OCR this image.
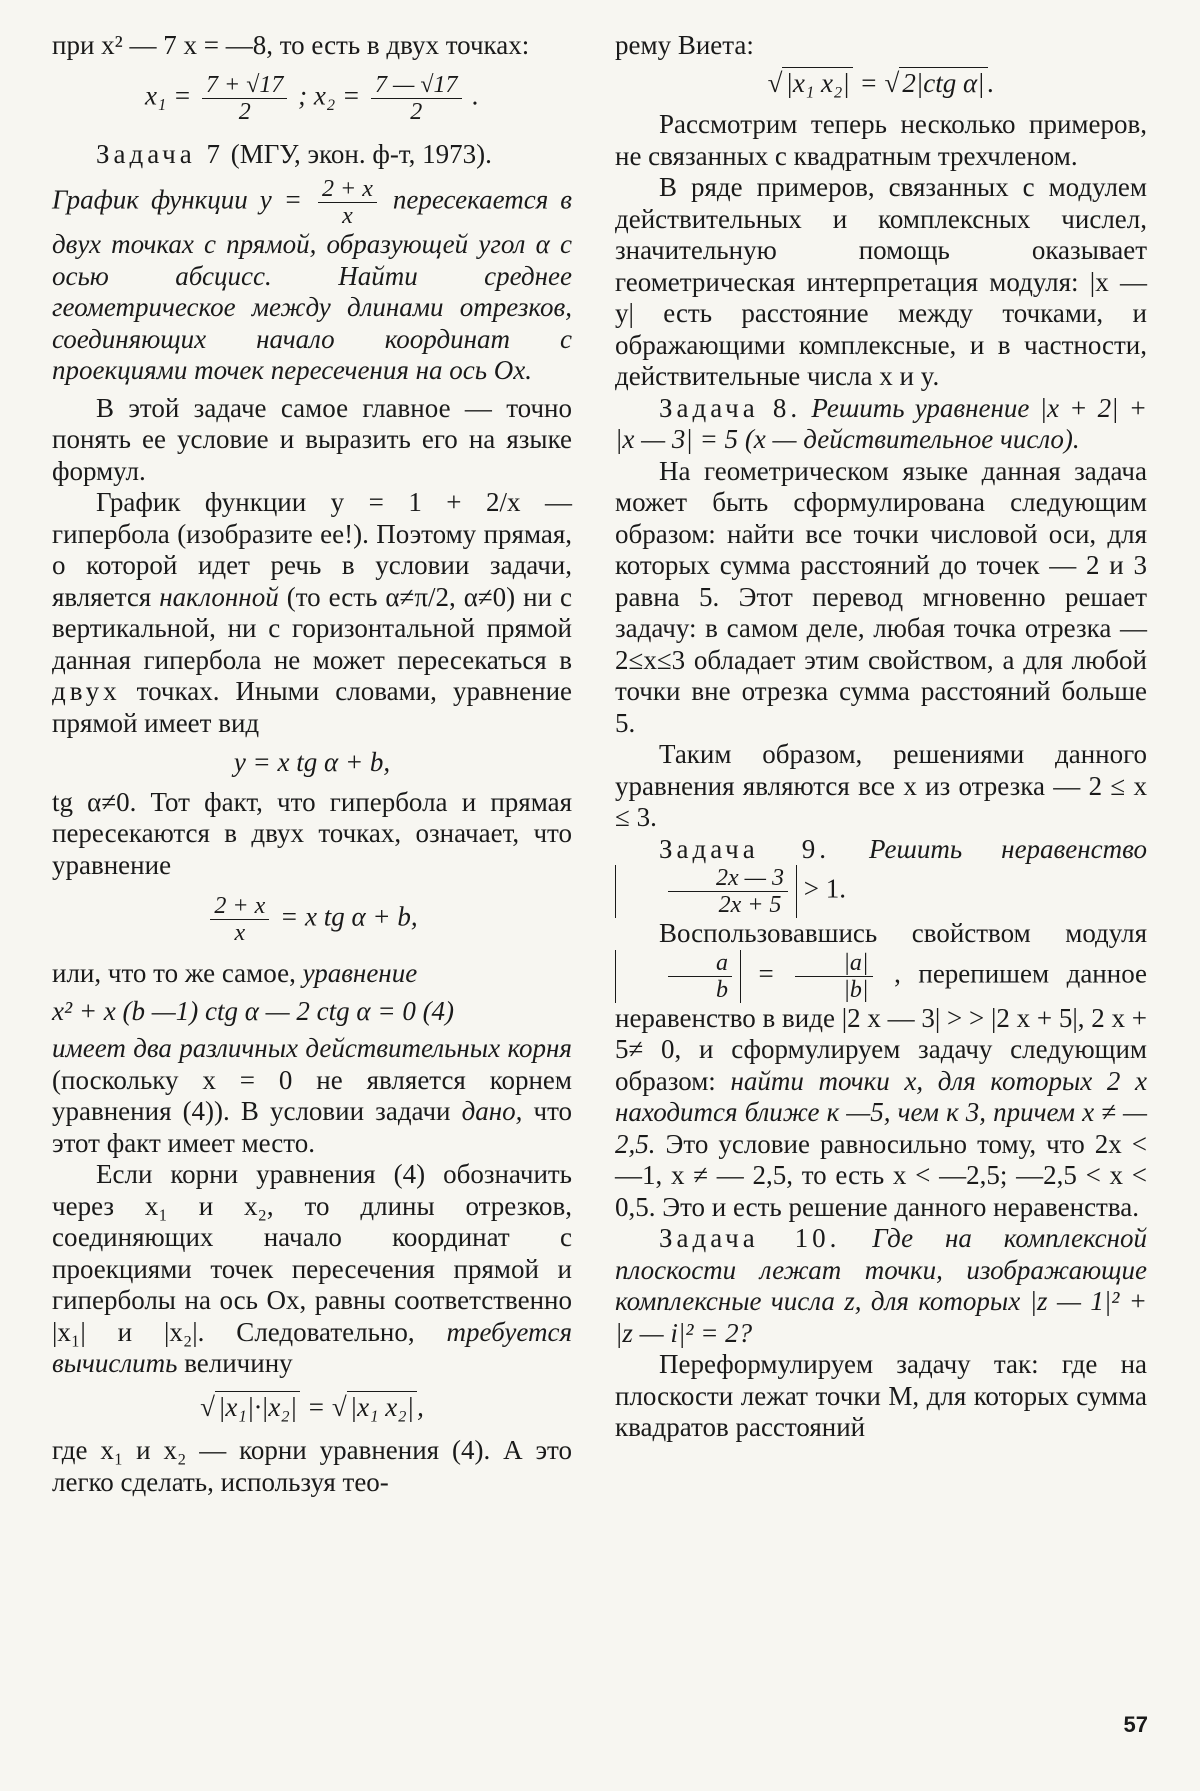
при x² — 7 x = —8, то есть в двух точках:

$x_1 = \frac{7 + √17}{2}$ ; $x_2 = \frac{7 — √17}{2}$ .

Задача 7 (МГУ, экон. ф-т, 1973).

График функции $y = \frac{2 + x}{x}$ пересекается в двух точках с прямой, образующей угол α с осью абсцисс. Найти среднее геометрическое между длинами отрезков, соединяющих начало координат с проекциями точек пересечения на ось Ox.

В этой задаче самое главное — точно понять ее условие и выразить его на языке формул.

График функции y = 1 + 2/x — гипербола (изобразите ее!). Поэтому прямая, о которой идет речь в условии задачи, является наклонной (то есть α≠π/2, α≠0) ни с вертикальной, ни с горизонтальной прямой данная гипербола не может пересекаться в двух точках. Иными словами, уравнение прямой имеет вид

y = x tg α + b,

tg α≠0. Тот факт, что гипербола и прямая пересекаются в двух точках, означает, что уравнение

$\frac{2 + x}{x} = x$ tg α + b,

или, что то же самое, уравнение

x² + x (b —1) ctg α — 2 ctg α = 0 (4)

имеет два различных действительных корня (поскольку x = 0 не является корнем уравнения (4)). В условии задачи дано, что этот факт имеет место.

Если корни уравнения (4) обозначить через x₁ и x₂, то длины отрезков, соединяющих начало координат с проекциями точек пересечения прямой и гиперболы на ось Ox, равны соответственно |x₁| и |x₂|. Следовательно, требуется вычислить величину

√ |x₁|·|x₂| = √ |x₁ x₂| ,

где x₁ и x₂ — корни уравнения (4). А это легко сделать, используя тео-

рему Виета:

√ |x₁ x₂| = √ 2|ctg α| .

Рассмотрим теперь несколько примеров, не связанных с квадратным трехчленом.

В ряде примеров, связанных с модулем действительных и комплексных числел, значительную помощь оказывает геометрическая интерпретация модуля: |x — y| есть расстояние между точками, и ображающими комплексные, и в частности, действительные числа x и y.

Задача 8. Решить уравнение |x + 2| + |x — 3| = 5 (x — действительное число).

На геометрическом языке данная задача может быть сформулирована следующим образом: найти все точки числовой оси, для которых сумма расстояний до точек — 2 и 3 равна 5. Этот перевод мгновенно решает задачу: в самом деле, любая точка отрезка — 2≤x≤3 обладает этим свойством, а для любой точки вне отрезка сумма расстояний больше 5.

Таким образом, решениями данного уравнения являются все x из отрезка — 2 ≤ x ≤ 3.

Задача 9. Решить неравенство
$\frac{2x — 3}{2x + 5} > 1$.

Воспользовавшись свойством модуля
$\frac{a}{b} = \frac{|a|}{|b|}$ , перепишем данное неравенство в виде |2 x — 3| > > |2 x + 5|, 2 x + 5≠ 0, и сформулируем задачу следующим образом: найти точки x, для которых 2 x находится ближе к —5, чем к 3, причем x ≠ — 2,5. Это условие равносильно тому, что 2x < —1, x ≠ — 2,5, то есть x < —2,5; —2,5 < x < 0,5. Это и есть решение данного неравенства.

Задача 10. Где на комплексной плоскости лежат точки, изображающие комплексные числа z, для которых |z — 1|² + |z — i|² = 2?

Переформулируем задачу так: где на плоскости лежат точки M, для которых сумма квадратов расстояний

57
